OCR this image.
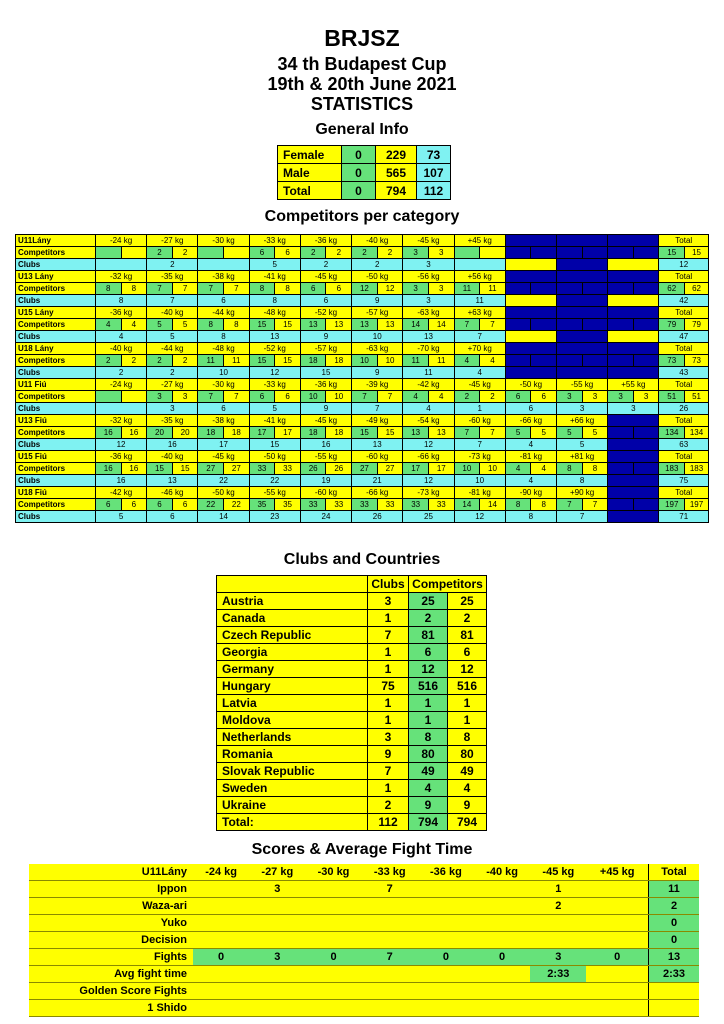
BRJSZ
34 th Budapest Cup
19th & 20th June 2021
STATISTICS
General Info
Female	0	229	73
Male	0	565	107
Total	0	794	112
Competitors per category
U11Lány	-24 kg		-27 kg		-30 kg		-33 kg		-36 kg		-40 kg		-45 kg		+45 kg								Total	
Competitors			2	2			6	6	2	2	2	2	3	3									15	15
Clubs			2				5		2		2		3										12	
U13 Lány	-32 kg		-35 kg		-38 kg		-41 kg		-45 kg		-50 kg		-56 kg		+56 kg								Total	
Competitors	8	8	7	7	7	7	8	8	6	6	12	12	3	3	11	11							62	62
Clubs	8		7		6		8		6		9		3		11								42	
U15 Lány	-36 kg		-40 kg		-44 kg		-48 kg		-52 kg		-57 kg		-63 kg		+63 kg								Total	
Competitors	4	4	5	5	8	8	15	15	13	13	13	13	14	14	7	7							79	79
Clubs	4		5		8		13		9		10		13		7								47	
U18 Lány	-40 kg		-44 kg		-48 kg		-52 kg		-57 kg		-63 kg		-70 kg		+70 kg								Total	
Competitors	2	2	2	2	11	11	15	15	18	18	10	10	11	11	4	4							73	73
Clubs	2		2		10		12		15		9		11		4								43	
U11 Fiú	-24 kg		-27 kg		-30 kg		-33 kg		-36 kg		-39 kg		-42 kg		-45 kg		-50 kg		-55 kg		+55 kg		Total	
Competitors			3	3	7	7	6	6	10	10	7	7	4	4	2	2	6	6	3	3	3	3	51	51
Clubs			3		6		5		9		7		4		1		6		3		3		26	
U13 Fiú	-32 kg		-35 kg		-38 kg		-41 kg		-45 kg		-49 kg		-54 kg		-60 kg		-66 kg		+66 kg				Total	
Competitors	16	16	20	20	18	18	17	17	18	18	15	15	13	13	7	7	5	5	5	5			134	134
Clubs	12		16		17		15		16		13		12		7		4		5				63	
U15 Fiú	-36 kg		-40 kg		-45 kg		-50 kg		-55 kg		-60 kg		-66 kg		-73 kg		-81 kg		+81 kg				Total	
Competitors	16	16	15	15	27	27	33	33	26	26	27	27	17	17	10	10	4	4	8	8			183	183
Clubs	16		13		22		22		19		21		12		10		4		8				75	
U18 Fiú	-42 kg		-46 kg		-50 kg		-55 kg		-60 kg		-66 kg		-73 kg		-81 kg		-90 kg		+90 kg				Total	
Competitors	6	6	6	6	22	22	35	35	33	33	33	33	33	33	14	14	8	8	7	7			197	197
Clubs	5		6		14		23		24		26		25		12		8		7				71	
Clubs and Countries
	Clubs	Competitors	
Austria	3	25	25
Canada	1	2	2
Czech Republic	7	81	81
Georgia	1	6	6
Germany	1	12	12
Hungary	75	516	516
Latvia	1	1	1
Moldova	1	1	1
Netherlands	3	8	8
Romania	9	80	80
Slovak Republic	7	49	49
Sweden	1	4	4
Ukraine	2	9	9
Total:	112	794	794
Scores & Average Fight Time
U11Lány	-24 kg	-27 kg	-30 kg	-33 kg	-36 kg	-40 kg	-45 kg	+45 kg	Total
Ippon		3		7			1		11
Waza-ari							2		2
Yuko									0
Decision									0
Fights	0	3	0	7	0	0	3	0	13
Avg fight time							2:33		2:33
Golden Score Fights									
1 Shido									
